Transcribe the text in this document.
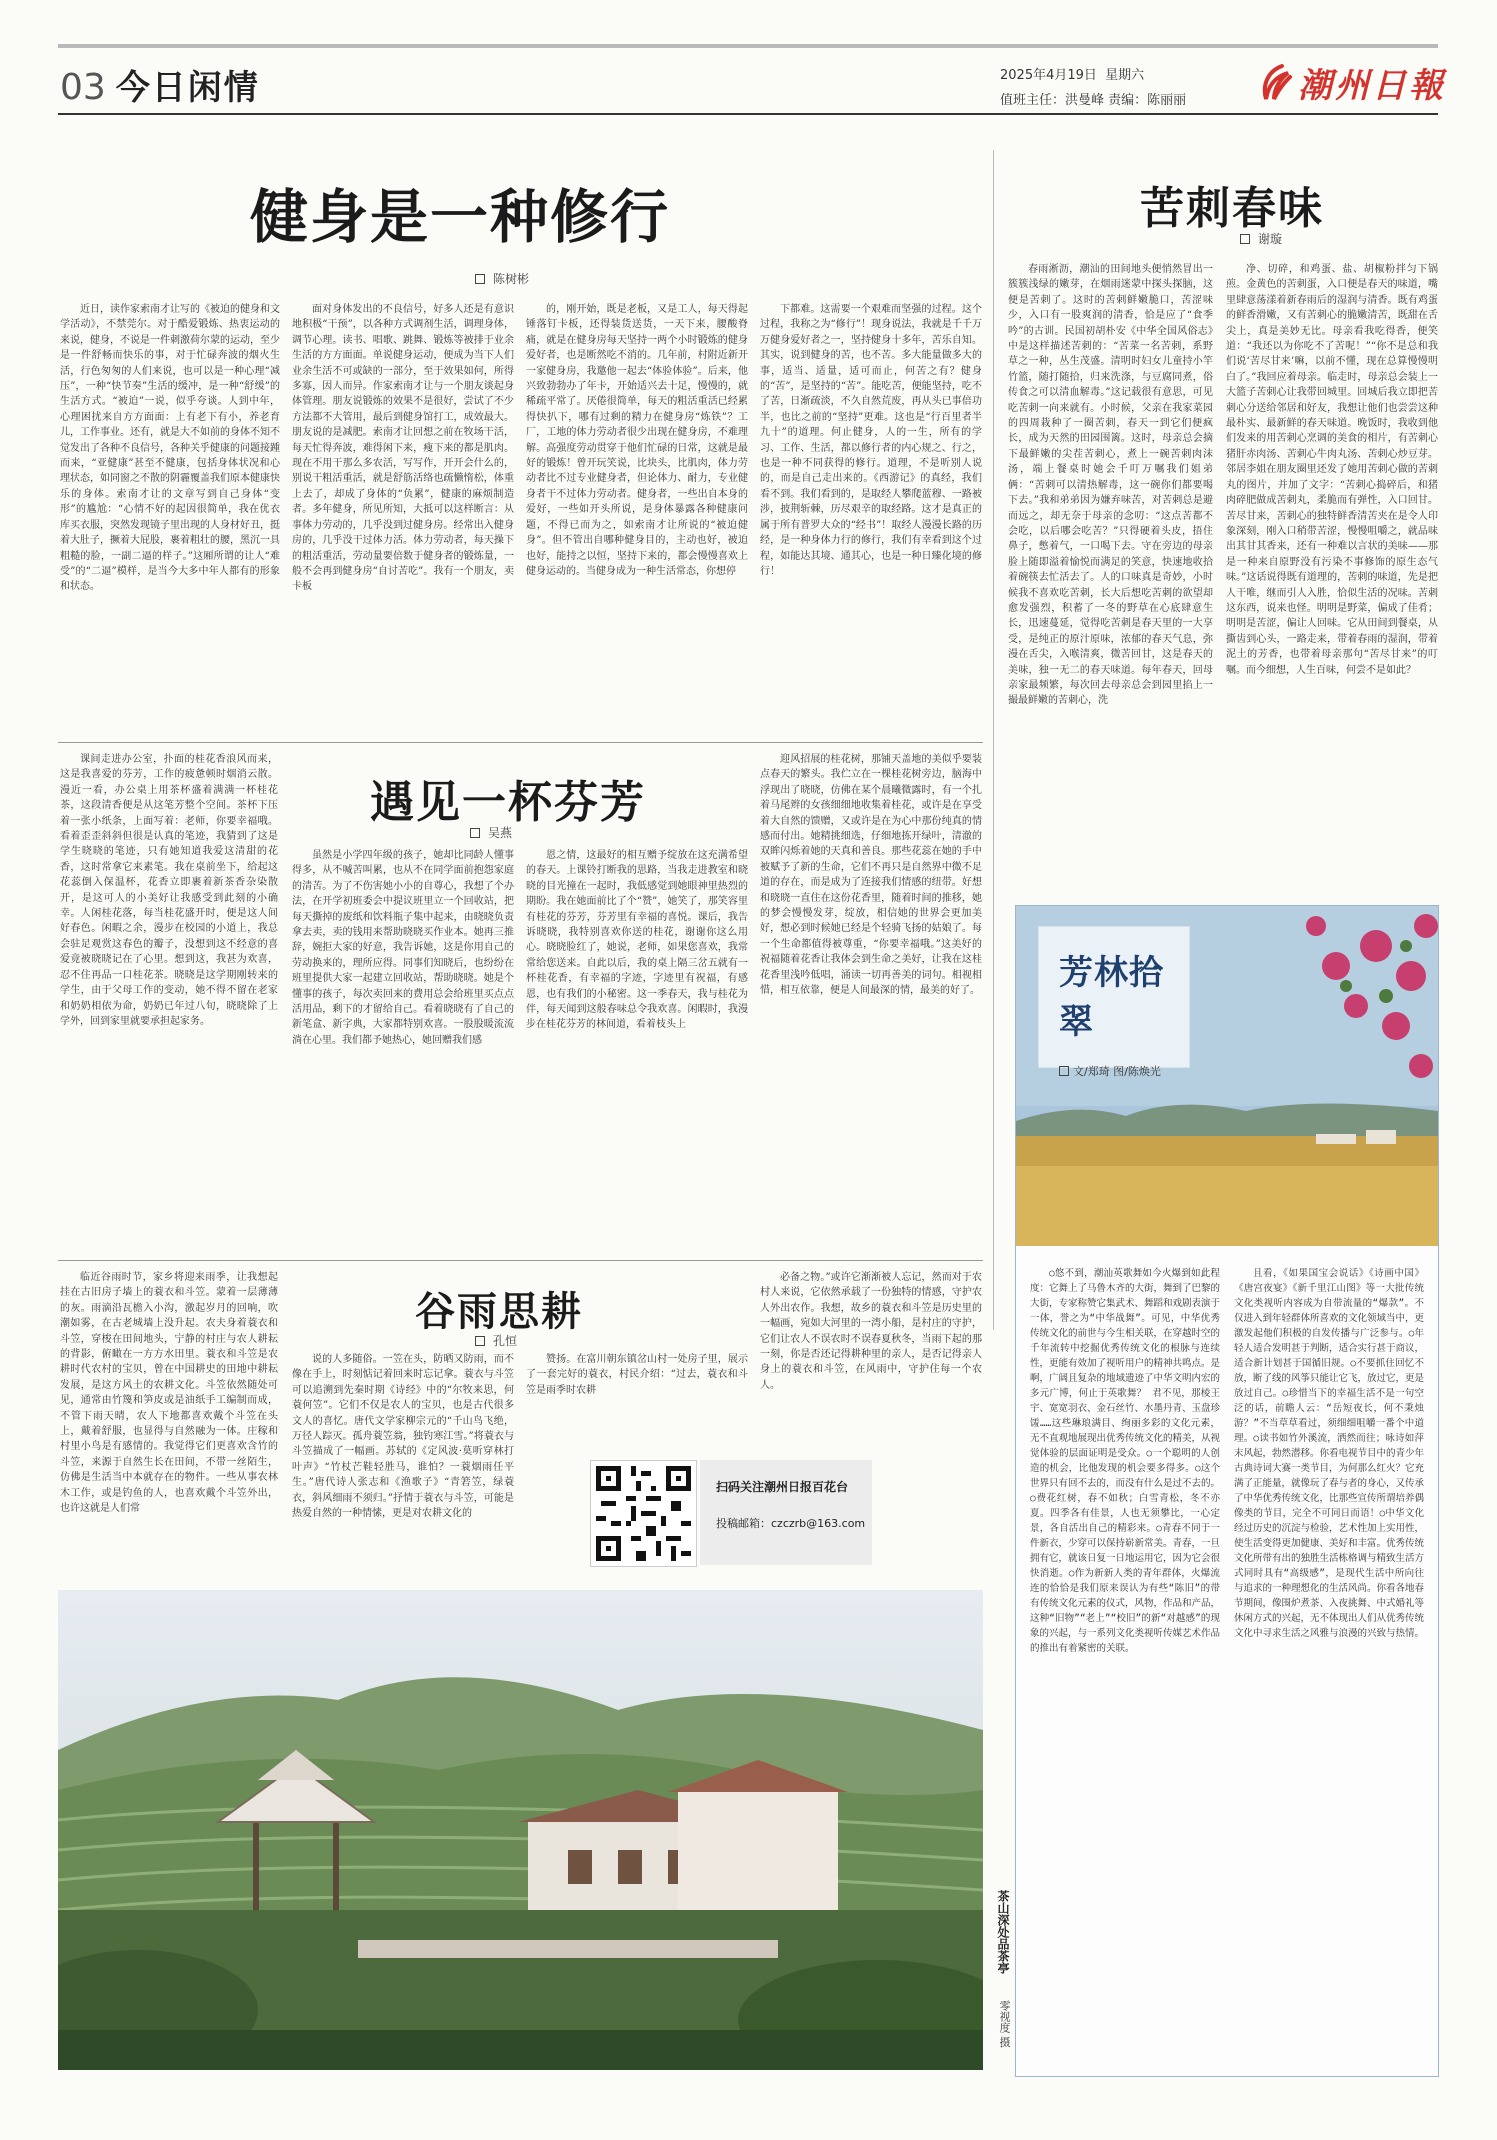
03 今日闲情	2025年4月19日 星期六
值班主任：洪曼峰 责编：陈丽丽	潮州日報
健身是一种修行
陈树彬

近日，读作家索南才让写的《被迫的健身和文学活动》，不禁莞尔。对于酷爱锻炼、热衷运动的来说，健身，不说是一件刺激荷尔蒙的运动，至少是一件舒畅而快乐的事，对于忙碌奔波的烟火生活，行色匆匆的人们来说，也可以是一种心理“减压”，一种“快节奏”生活的缓冲，是一种“舒缓”的生活方式。“被迫”一说，似乎夸谈。人到中年，心理困扰来自方方面面：上有老下有小，养老育儿，工作事业。还有，就是大不如前的身体不知不觉发出了各种不良信号，各种关乎健康的问题接踵而来，“亚健康”甚至不健康，包括身体状况和心理状态，如同窗之不散的阴霾覆盖我们原本健康快乐的身体。索南才让的文章写到自己身体“变形”的尴尬：“心情不好的起因很简单，我在优衣库买衣服，突然发现镜子里出现的人身材好丑，挺着大肚子，撅着大屁股，裹着粗壮的腰，黑沉一具粗糙的脸，一副二逼的样子。”这厢所谓的让人“难受”的“二逼”模样，是当今大多中年人都有的形象和状态。

面对身体发出的不良信号，好多人还是有意识地积极“干预”，以各种方式调剂生活，调理身体，调节心理。读书、唱歌、跳舞、锻炼等被排于业余生活的方方面面。单说健身运动，便成为当下人们业余生活不可或缺的一部分，至于效果如何，所得多寡，因人而异。作家索南才让与一个朋友谈起身体管理。朋友说锻炼的效果不是很好，尝试了不少方法都不大管用，最后到健身馆打工，成效最大。朋友说的是减肥。索南才让回想之前在牧场干活，每天忙得奔波，难得闲下来，瘦下来的都是肌肉。现在不用干那么多农活，写写作，开开会什么的，别说干粗活重活，就是舒筋活络也疏懒惰松，体重上去了，却成了身体的“负累”，健康的麻烦制造者。多年健身，所见所知，大抵可以这样断言：从事体力劳动的，几乎没到过健身房。经常出入健身房的，几乎没干过体力活。体力劳动者，每天操下的粗活重活，劳动量要倍数于健身者的锻炼量，一般不会再到健身房“自讨苦吃”。我有一个朋友，卖卡板

的，刚开始，既是老板，又是工人，每天得起锤落钉卡板，还得装货送货，一天下来，腰酸脊痛，就是在健身房每天坚持一两个小时锻炼的健身爱好者，也是断然吃不消的。几年前，村附近新开一家健身房，我邀他一起去“体验体验”。后来，他兴致勃勃办了年卡，开始适兴去十足，慢慢的，就稀疏平常了。厌倦很简单，每天的粗活重活已经累得快扒下，哪有过剩的精力在健身房“炼铁”？工厂，工地的体力劳动者很少出现在健身房，不难理解。高强度劳动贯穿于他们忙碌的日常，这就是最好的锻炼！曾开玩笑说，比块头，比肌肉，体力劳动者比不过专业健身者，但论体力、耐力，专业健身者干不过体力劳动者。健身者，一些出自本身的爱好，一些如开头所说，是身体暴露各种健康问题，不得已而为之，如索南才让所说的“被迫健身”。但不管出自哪种健身目的，主动也好，被迫也好，能持之以恒，坚持下来的，都会慢慢喜欢上健身运动的。当健身成为一种生活常态，你想停

下都难。这需要一个艰难而坚强的过程。这个过程，我称之为“修行”！现身说法，我就是千千万万健身爱好者之一，坚持健身十多年，苦乐自知。其实，说到健身的苦，也不苦。多大能量做多大的事，适当、适量，适可而止，何苦之有？健身的“苦”，是坚持的“苦”。能吃苦，便能坚持，吃不了苦，日渐疏淡，不久自然荒废，再从头已事倍功半，也比之前的“坚持”更难。这也是“行百里者半九十”的道理。何止健身，人的一生，所有的学习、工作、生活，都以修行者的内心规之、行之，也是一种不同获得的修行。道理，不是听别人说的，而是自己走出来的。《西游记》的真经，我们看不到。我们看到的，是取经人攀爬蓝穆、一路被涉，披荆斩棘，历尽艰辛的取经路。这才是真正的属于所有普罗大众的“经书”！取经人漫漫长路的历经，是一种身体力行的修行，我们有幸看到这个过程，如能达其境、通其心，也是一种日臻化境的修行！

苦刺春味
谢璇

春雨淅沥，潮汕的田间地头便悄然冒出一簇簇浅绿的嫩芽，在烟雨迷蒙中探头探脑，这便是苦刺了。这时的苦刺鲜嫩脆口，苦涩味少，入口有一股爽润的清香，恰是应了“食季吟”的古训。民国初胡朴安《中华全国风俗志》中是这样描述苦刺的：“苦菜一名苦刺，系野草之一种，丛生茂盛。清明时妇女儿童持小竿竹篮，随打随拾，归来洗涤，与豆腐同煮，俗传食之可以清血解毒。”这记载很有意思，可见吃苦刺一向来就有。小时候，父亲在我家菜园的四周栽种了一圈苦刺，春天一到它们便疯长，成为天然的田园围篱。这时，母亲总会摘下最鲜嫩的尖茬苦刺心，煮上一碗苦刺肉沫汤，端上餐桌时她会千叮万嘱我们姐弟俩：“苦刺可以清热解毒，这一碗你们都要喝下去。”我和弟弟因为嫌弃味苦，对苦刺总是避而远之，却无奈于母亲的念叨：“这点苦都不会吃，以后哪会吃苦？”只得硬着头皮，捂住鼻子，憋着气，一口喝下去。守在旁边的母亲脸上随即溢着愉悦而满足的笑意，快速地收拾着碗筷去忙活去了。人的口味真是奇妙，小时候我不喜欢吃苦刺，长大后想吃苦刺的欲望却愈发强烈，积蓄了一冬的野草在心底肆意生长，迅速蔓延，觉得吃苦刺是春天里的一大享受，是纯正的原汁原味，浓郁的春天气息，弥漫在舌尖，入喉清爽，微苦回甘，这是春天的美味，独一无二的春天味道。每年春天，回母亲家最频繁，每次回去母亲总会到园里掐上一撮最鲜嫩的苦刺心，洗

净、切碎，和鸡蛋、盐、胡椒粉拌匀下锅煎。金黄色的苦刺蛋，入口便是春天的味道，嘴里肆意荡漾着新春雨后的湿润与清香。既有鸡蛋的鲜香滑嫩，又有苦刺心的脆嫩清苦，既甜在舌尖上，真是美妙无比。母亲看我吃得香，便笑道：“我还以为你吃不了苦呢！”“你不是总和我们说‘苦尽甘来’嘛，以前不懂，现在总算慢慢明白了。”我回应着母亲。临走时，母亲总会装上一大篮子苦刺心让我带回城里。回城后我立即把苦刺心分送给邻居和好友，我想让他们也尝尝这种最朴实、最新鲜的春天味道。晚饭时，我收到他们发来的用苦刺心烹调的美食的相片，有苦刺心猪肝赤肉汤、苦刺心牛肉丸汤、苦刺心炒豆芽。邻居李姐在朋友圈里还发了她用苦刺心做的苦刺丸的图片，并加了文字：“苦刺心捣碎后，和猪肉碎肥做成苦刺丸，柔脆而有弹性，入口回甘。苦尽甘来，苦刺心的独特鲜香清苦夹在是令人印象深刻，刚入口稍带苦涩，慢慢咀嚼之，就品味出其甘其香来，还有一种难以言状的美味——那是一种来自原野没有污染不事修饰的原生态气味。”这话说得既有道理的，苦刺的味道，先是把人干唯，继而引人入胜，恰似生活的况味。苦刺这东西，说来也怪。明明是野菜，偏成了佳肴；明明是苦涩，偏让人回味。它从田间到餐桌，从撕齿到心头，一路走来，带着春雨的湿润，带着泥土的芳香，也带着母亲那句“苦尽甘来”的叮嘱。而今细想，人生百味，何尝不是如此？

课间走进办公室，扑面的桂花香浪风而来，这是我喜爱的芬芳，工作的疲惫顿时烟消云散。漫近一看，办公桌上用茶杯盛着满满一杯桂花茶，这段清香便是从这笔芳整个空间。茶杯下压着一张小纸条，上面写着：老师，你要幸福哦。看着歪歪斜斜但很是认真的笔迹，我猜到了这是学生晓晓的笔迹，只有她知道我爱这清甜的花香，这时常拿它来素笔。我在桌前坐下，给起这花蕊倒入保温杯，花香立即裹着新茶香杂染散开，是这可人的小美好让我感受到此刻的小确幸。人闲桂花落，每当桂花盛开时，便是这人间好春色。闲暇之余，漫步在校园的小道上，我总会驻足观赏这春色的瓣子，没想到这不经意的喜爱竟被晓晓记在了心里。想到这，我甚为欢喜，忍不住再品一口桂花茶。晓晓是这学期刚转来的学生，由于父母工作的变动，她不得不留在老家和奶奶相依为命，奶奶已年过八旬，晓晓除了上学外，回到家里就要承担起家务。

遇见一杯芬芳
吴燕

虽然是小学四年级的孩子，她却比同龄人懂事得多，从不喊苦叫累，也从不在同学面前抱怨家庭的清苦。为了不伤害她小小的自尊心，我想了个办法，在开学初班委会中提议班里立一个回收站，把每天撕掉的废纸和饮料瓶子集中起来，由晓晓负责拿去卖，卖的钱用来帮助晓晓买作业本。她再三推辞，婉拒大家的好意，我告诉她，这是你用自己的劳动换来的，理所应得。同事们知晓后，也纷纷在班里提供大家一起建立回收站，帮助晓晓。她是个懂事的孩子，每次卖回来的费用总会给班里买点点活用品，剩下的才留给自己。看着晓晓有了自己的新笔盒、新字典，大家都特别欢喜。一股股暖流流淌在心里。我们都予她热心，她回赠我们感

恩之情，这最好的相互赠予绽放在这充满希望的春天。上课铃打断我的思路，当我走进教室和晓晓的目光撞在一起时，我低感觉到她眼神里热烈的期盼。我在她面前比了个“赞”，她笑了，那笑容里有桂花的芬芳，芬芳里有幸福的喜悦。课后，我告诉晓晓，我特别喜欢你送的桂花，谢谢你这么用心。晓晓脸红了，她说，老师，如果您喜欢，我常常给您送来。自此以后，我的桌上隔三岔五就有一杯桂花香，有幸福的字迹，字迹里有祝福，有感恩，也有我们的小秘密。这一季春天，我与桂花为伴，每天闻到这般春味总令我欢喜。闲暇时，我漫步在桂花芬芳的林间道，看着枝头上

迎风招展的桂花树，那铺天盖地的美似乎要装点春天的繁头。我伫立在一棵桂花树旁边，脑海中浮现出了晓晓，仿佛在某个晨曦微露时，有一个扎着马尾辫的女孩细细地收集着桂花，或许是在享受着大自然的馈赠，又或许是在为心中那份纯真的情感而付出。她精挑细选，仔细地拣开绿叶，清澈的双眸闪烁着她的天真和善良。那些花蕊在她的手中被赋予了新的生命，它们不再只是自然界中微不足道的存在，而是成为了连接我们情感的纽带。好想和晓晓一直住在这份花香里，随着时间的推移，她的梦会慢慢发芽，绽放，相信她的世界会更加美好，想必到时候她已经是个轻骑飞扬的姑娘了。每一个生命都值得被尊重，“你要幸福哦。”这美好的祝福随着花香让我体会到生命之美好，让我在这桂花香里浅吟低唱，涌读一切再善美的词句。相视相惜，相互依靠，便是人间最深的情，最美的好了。

临近谷雨时节，家乡将迎来雨季，让我想起挂在古旧房子墙上的蓑衣和斗笠。蒙着一层薄薄的灰。雨滴沿瓦檐入小沟，激起岁月的回响，吹潮如雾，在古老城墙上没升起。农夫身着蓑衣和斗笠，穿梭在田间地头，宁静的村庄与农人耕耘的背影，俯瞰在一方方水田里。蓑衣和斗笠是农耕时代农村的宝贝，曾在中国耕史的田地中耕耘发展，是这方风土的农耕文化。斗笠依然随处可见，通常由竹篾和笋皮或是油纸手工编制而成，不管下雨天晴，农人下地都喜欢戴个斗笠在头上，戴着舒服，也显得与自然融为一体。庄稼和村里小鸟是有感情的。我觉得它们更喜欢含竹的斗笠，来源于自然生长在田间，不带一丝陌生，仿佛是生活当中本就存在的物件。一些从事农林木工作，或是钓鱼的人，也喜欢戴个斗笠外出，也许这就是人们常

谷雨思耕
孔恒

说的人多随俗。一笠在头，防晒又防雨，而不像在手上，时刻惦记着回来时忘记拿。蓑衣与斗笠可以追溯到先秦时期《诗经》中的“尔牧来思，何蓑何笠”。它们不仅是农人的宝贝，也是古代很多文人的喜忆。唐代文学家柳宗元的“千山鸟飞绝，万径人踪灭。孤舟蓑笠翁，独钓寒江雪。”将蓑衣与斗笠描成了一幅画。苏轼的《定风波·莫听穿林打叶声》“竹杖芒鞋轻胜马，谁怕？一蓑烟雨任平生。”唐代诗人张志和《渔歌子》“青箬笠，绿蓑衣，斜风细雨不须归。”抒情于蓑衣与斗笠，可能是热爱自然的一种情愫，更是对农耕文化的

赞扬。在富川朝东镇岔山村一处房子里，展示了一套完好的蓑衣，村民介绍：“过去，蓑衣和斗笠是雨季时农耕

必备之物。”或许它渐渐被人忘记，然而对于农村人来说，它依然承载了一份独特的情感，守护农人外出农作。我想，故乡的蓑衣和斗笠是历史里的一幅画，宛如大河里的一湾小船，是村庄的守护，它们让农人不误农时不误春夏秋冬，当雨下起的那一刻，你是否还记得耕种里的亲人，是否记得亲人身上的蓑衣和斗笠，在风雨中，守护住每一个农人。

扫码关注潮州日报百花台
投稿邮箱：czczrb@163.com
茶山深处品茶亭
零视度 摄
芳林拾翠
文/郑琦 图/陈焕光

○悠不到，潮汕英歌舞如今火爆到如此程度：它舞上了马鲁木齐的大街，舞到了巴黎的大街，专家称赞它集武术、舞蹈和戏剧表演于一体，誉之为“中华战舞”。可见，中华优秀传统文化的前世与今生相关联，在穿越时空的千年流转中挖掘优秀传统文化的根脉与连续性，更能有效加了视听用户的精神共鸣点。是啊，广阔且复杂的地域遗迹了中华文明内宏的多元广博，何止于英歌舞？ 君不见，那棱王宇、宽宽羽衣、金石丝竹、水墨丹青、玉盘珍馐……这些琳琅满目、绚丽多彩的文化元素，无不直观地展现出优秀传统文化的精美，从视觉体验的层面证明是受众。○一个聪明的人创造的机会，比他发现的机会要多得多。○这个世界只有回不去的，而没有什么是过不去的。○费花红树，春不如秋；白雪青松，冬不亦夏。四季各有佳景，人也无须攀比，一心定景，各自活出自己的精彩来。○青春不同于一件新衣，少穿可以保持崭新常美。青春，一旦拥有它，就该日复一日地运用它，因为它会很快消逝。○作为新新人类的青年群体，火爆流连的恰恰是我们原来误认为有些“陈旧”的带有传统文化元素的仪式，风物，作品和产品，这种“旧物”“老上”“校旧”的新“对越感”的现象的兴起，与一系列文化类视听传媒艺术作品的推出有着紧密的关联。

且看，《如果国宝会说话》《诗画中国》《唐宫夜宴》《新千里江山图》等一大批传统文化类视听内容成为自带流量的“爆款”。不仅进入到年轻群体所喜欢的文化领域当中，更激发起他们积极的自发传播与广泛参与。○年轻人适合发明甚于判断，适合实行甚于商议，适合新计划甚于国循旧规。○不要抓住回忆不放，断了线的风筝只能让它飞，放过它，更是放过自己。○珍惜当下的幸福生活不是一句空泛的话，前瞻人云：“岳短夜长，何不秉烛游？”不当草草看过，须细细咀嚼一番个中道理。○读书如竹外溪流，洒然而往；咏诗如萍末风起，勃然潜移。你看电视节目中的青少年古典诗词大赛一类节目，为何那么红火？它充满了正能量，就像玩了春与者的身心，又传承了中华优秀传统文化，比那些宣传所谓培养偶像类的节目，完全不可同日而语！○中华文化经过历史的沉淀与检验，艺术性加上实用性，使生活变得更加健康、美好和丰富。优秀传统文化所带有出的独胜生活栋格调与精致生活方式同时具有“高级感”，是现代生活中所向往与追求的一种理想化的生活风尚。你看各地春节期间，像围炉煮茶、入夜挑舞、中式婚礼等休闲方式的兴起，无不体现出人们从优秀传统文化中寻求生活之风雅与浪漫的兴致与热情。
